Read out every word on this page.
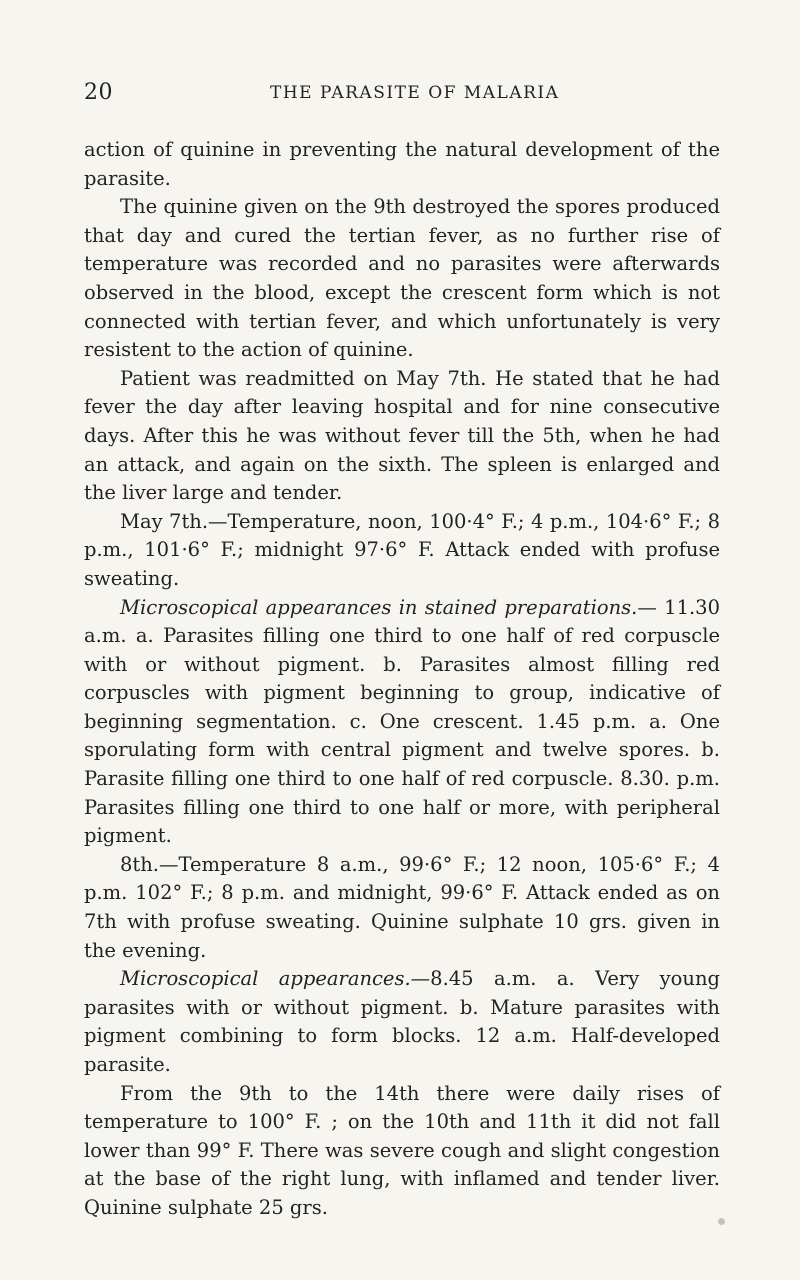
20	THE PARASITE OF MALARIA

action of quinine in preventing the natural development of the parasite.

The quinine given on the 9th destroyed the spores produced that day and cured the tertian fever, as no further rise of temperature was recorded and no parasites were afterwards observed in the blood, except the crescent form which is not connected with tertian fever, and which unfortunately is very resistent to the action of quinine.

Patient was readmitted on May 7th. He stated that he had fever the day after leaving hospital and for nine consecutive days. After this he was without fever till the 5th, when he had an attack, and again on the sixth. The spleen is enlarged and the liver large and tender.

May 7th.—Temperature, noon, 100·4° F.; 4 p.m., 104·6° F.; 8 p.m., 101·6° F.; midnight 97·6° F. Attack ended with profuse sweating.

Microscopical appearances in stained preparations.— 11.30 a.m. a. Parasites filling one third to one half of red corpuscle with or without pigment. b. Parasites almost filling red corpuscles with pigment beginning to group, indicative of beginning segmentation. c. One crescent. 1.45 p.m. a. One sporulating form with central pigment and twelve spores. b. Parasite filling one third to one half of red corpuscle. 8.30. p.m. Parasites filling one third to one half or more, with peripheral pigment.

8th.—Temperature 8 a.m., 99·6° F.; 12 noon, 105·6° F.; 4 p.m. 102° F.; 8 p.m. and midnight, 99·6° F. Attack ended as on 7th with profuse sweating. Quinine sulphate 10 grs. given in the evening.

Microscopical appearances.—8.45 a.m. a. Very young parasites with or without pigment. b. Mature parasites with pigment combining to form blocks. 12 a.m. Half-developed parasite.

From the 9th to the 14th there were daily rises of temperature to 100° F. ; on the 10th and 11th it did not fall lower than 99° F. There was severe cough and slight congestion at the base of the right lung, with inflamed and tender liver. Quinine sulphate 25 grs.
